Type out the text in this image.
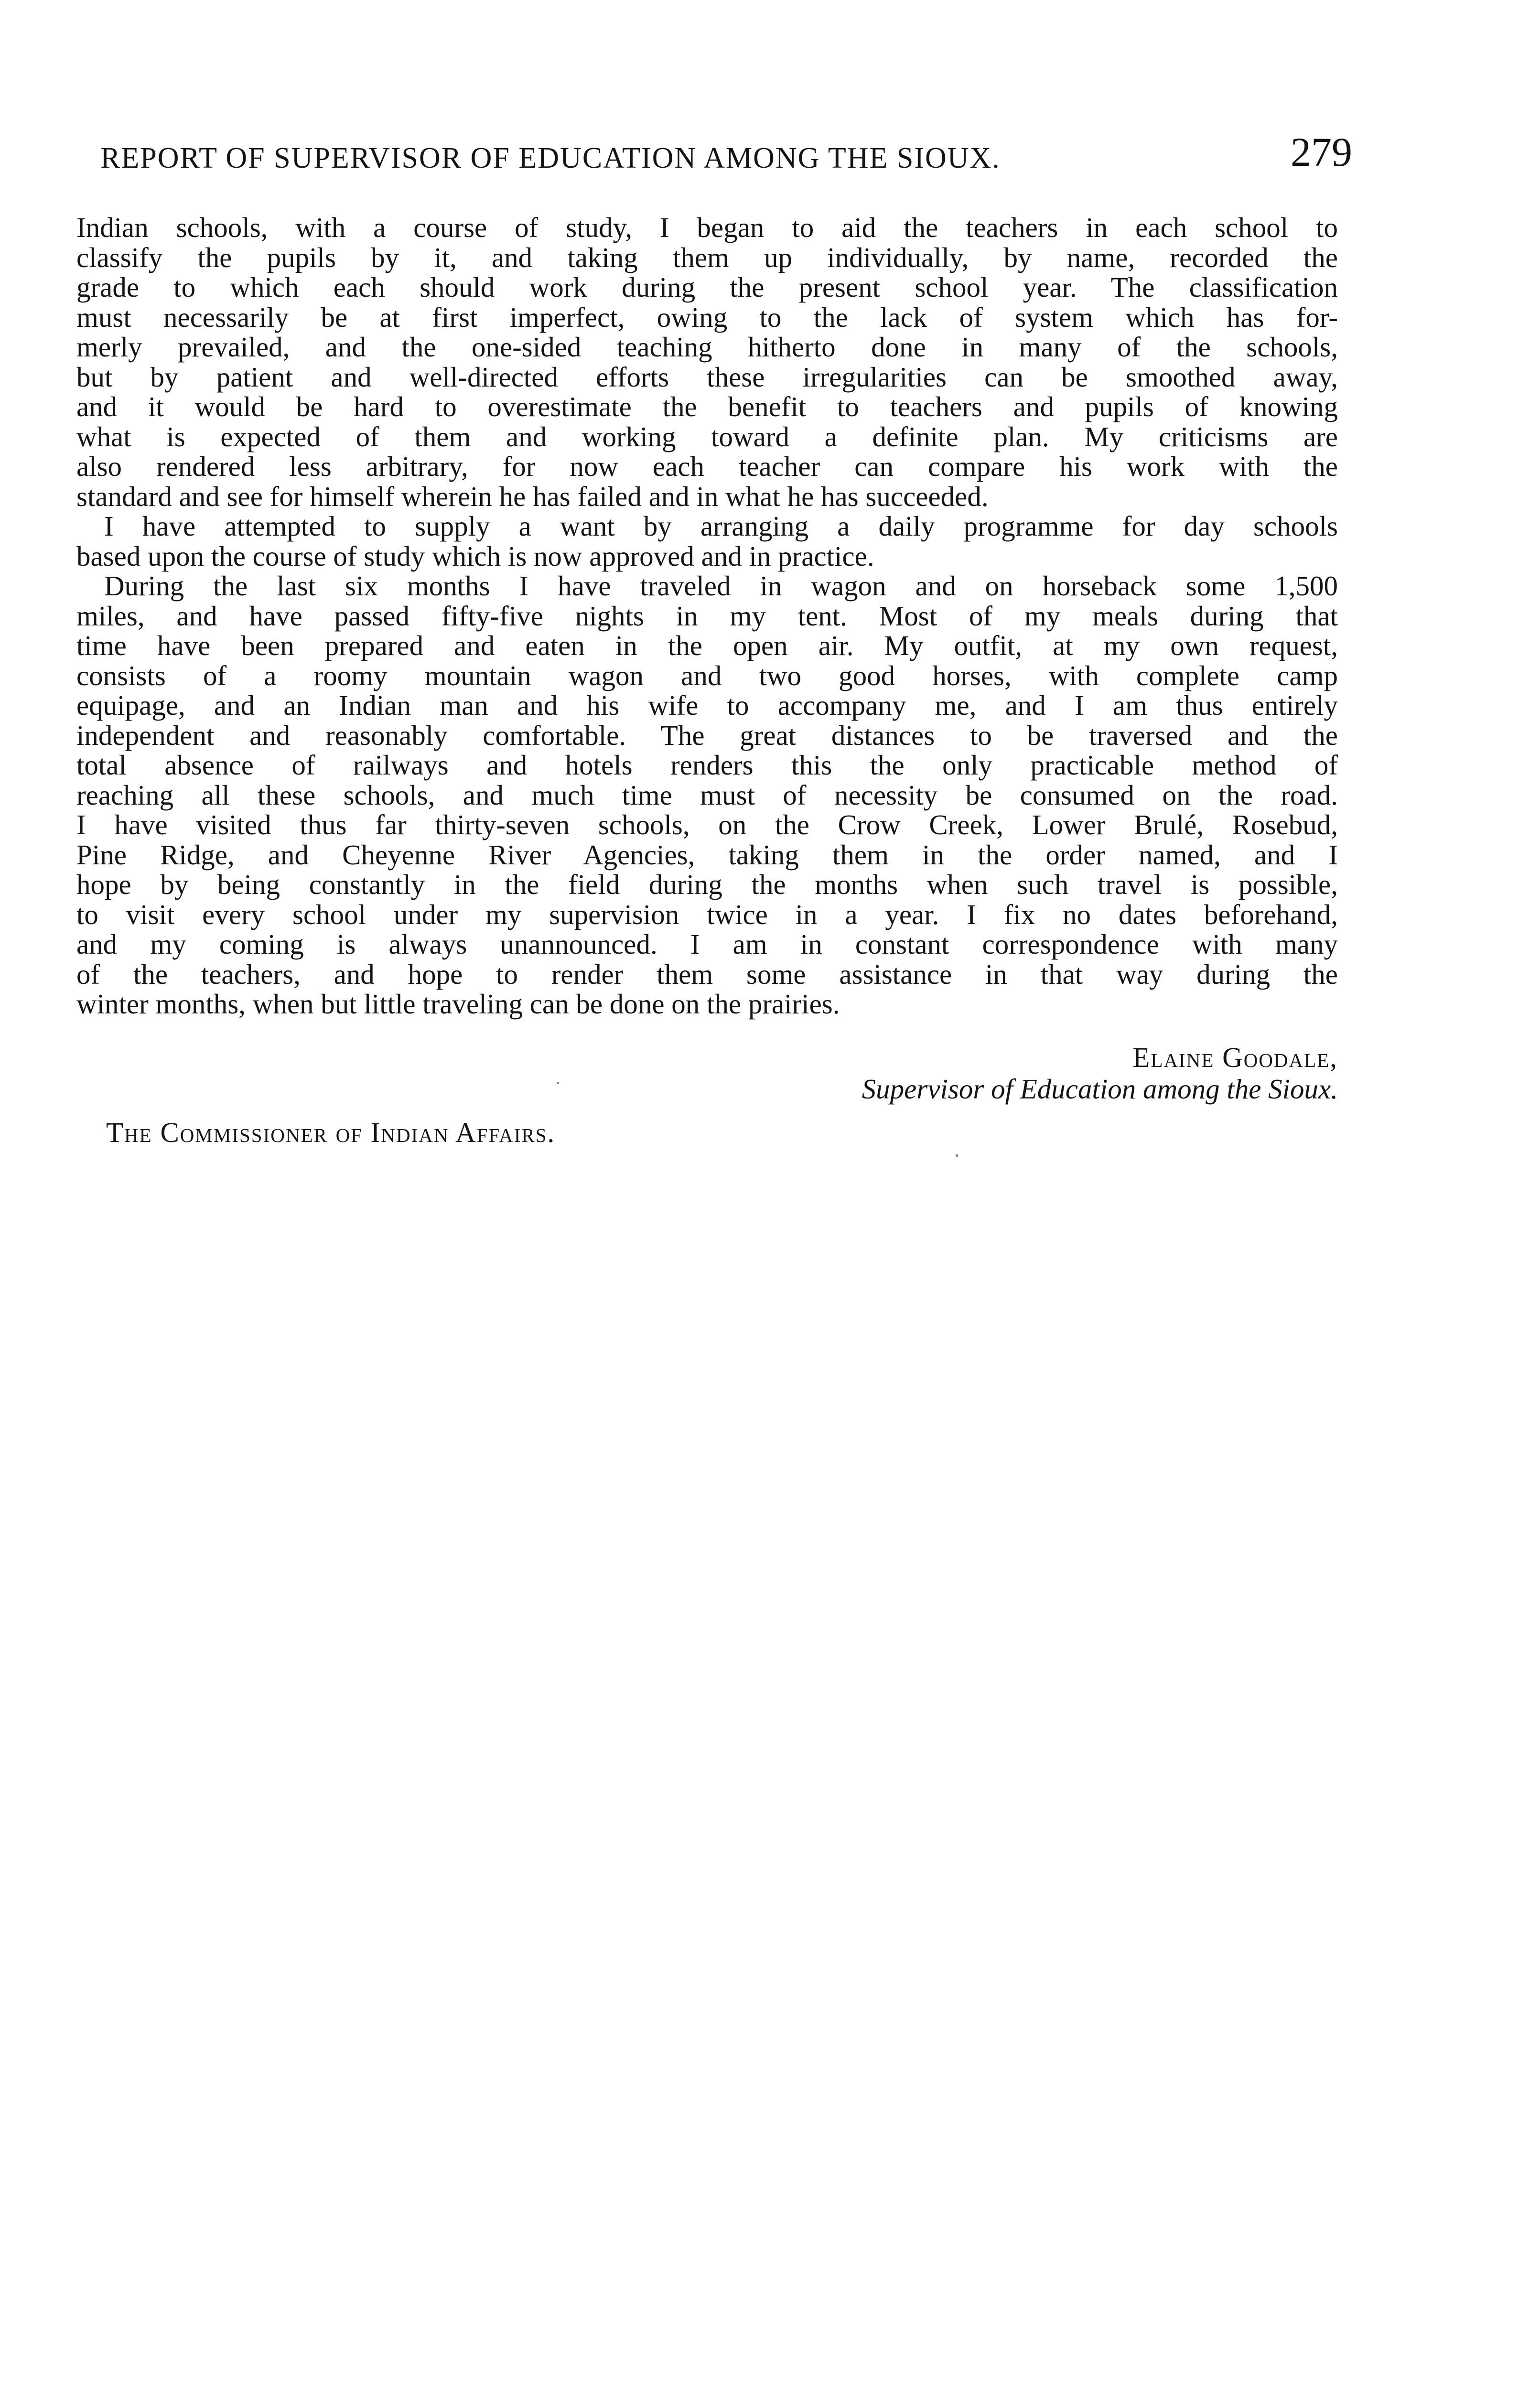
REPORT OF SUPERVISOR OF EDUCATION AMONG THE SIOUX.	279

Indian schools, with a course of study, I began to aid the teachers in each school to

classify the pupils by it, and taking them up individually, by name, recorded the

grade to which each should work during the present school year. The classification

must necessarily be at first imperfect, owing to the lack of system which has for-

merly prevailed, and the one-sided teaching hitherto done in many of the schools,

but by patient and well-directed efforts these irregularities can be smoothed away,

and it would be hard to overestimate the benefit to teachers and pupils of knowing

what is expected of them and working toward a definite plan. My criticisms are

also rendered less arbitrary, for now each teacher can compare his work with the

standard and see for himself wherein he has failed and in what he has succeeded.

I have attempted to supply a want by arranging a daily programme for day schools

based upon the course of study which is now approved and in practice.

During the last six months I have traveled in wagon and on horseback some 1,500

miles, and have passed fifty-five nights in my tent. Most of my meals during that

time have been prepared and eaten in the open air. My outfit, at my own request,

consists of a roomy mountain wagon and two good horses, with complete camp

equipage, and an Indian man and his wife to accompany me, and I am thus entirely

independent and reasonably comfortable. The great distances to be traversed and the

total absence of railways and hotels renders this the only practicable method of

reaching all these schools, and much time must of necessity be consumed on the road.

I have visited thus far thirty-seven schools, on the Crow Creek, Lower Brulé, Rosebud,

Pine Ridge, and Cheyenne River Agencies, taking them in the order named, and I

hope by being constantly in the field during the months when such travel is possible,

to visit every school under my supervision twice in a year. I fix no dates beforehand,

and my coming is always unannounced. I am in constant correspondence with many

of the teachers, and hope to render them some assistance in that way during the

winter months, when but little traveling can be done on the prairies.

Elaine Goodale,
Supervisor of Education among the Sioux.
The Commissioner of Indian Affairs.
